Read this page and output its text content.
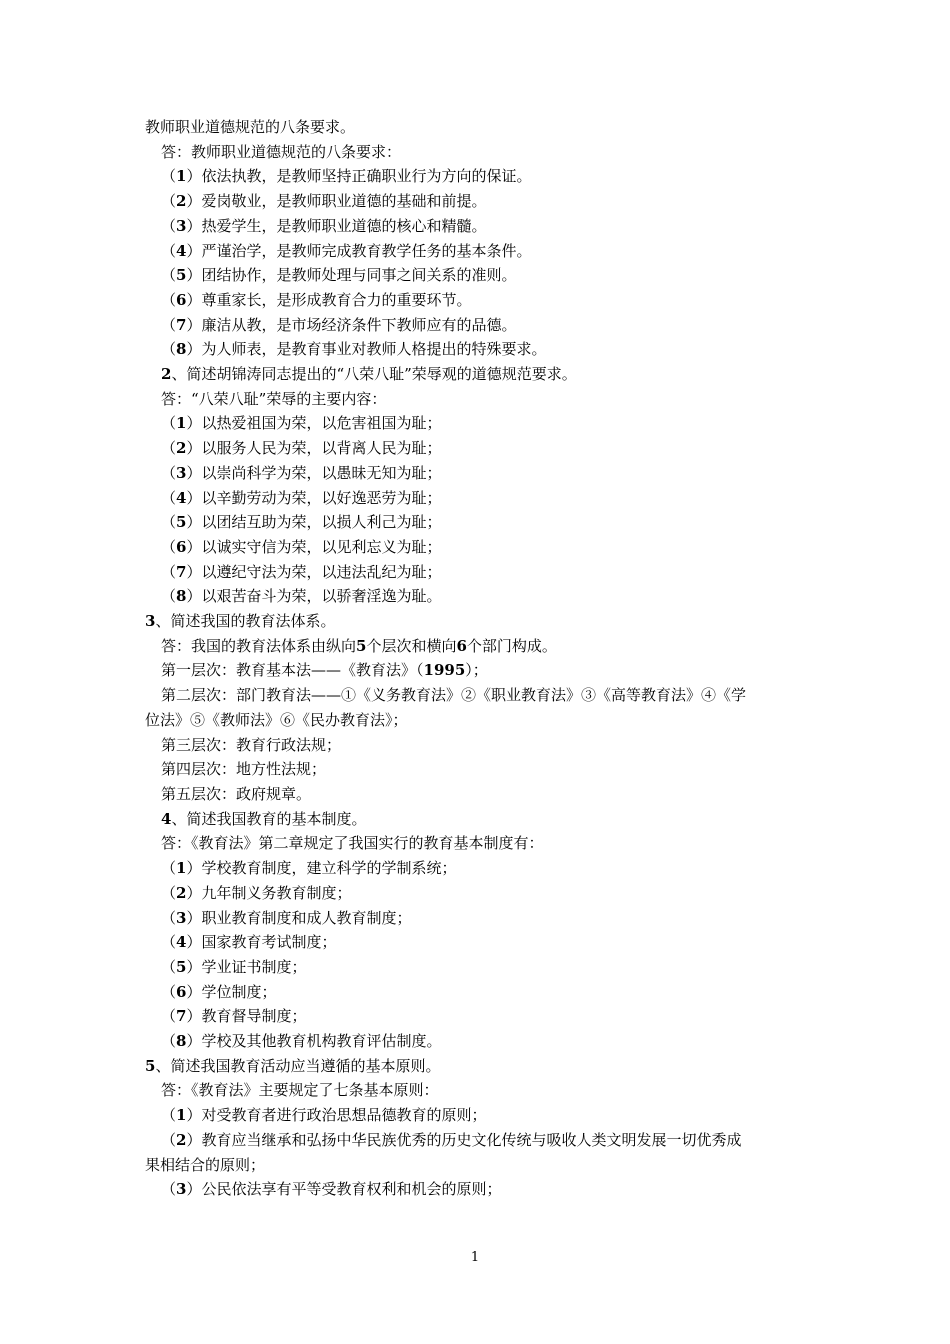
教师职业道德规范的八条要求。
答：教师职业道德规范的八条要求：
（1）依法执教，是教师坚持正确职业行为方向的保证。
（2）爱岗敬业，是教师职业道德的基础和前提。
（3）热爱学生，是教师职业道德的核心和精髓。
（4）严谨治学，是教师完成教育教学任务的基本条件。
（5）团结协作，是教师处理与同事之间关系的准则。
（6）尊重家长，是形成教育合力的重要环节。
（7）廉洁从教，是市场经济条件下教师应有的品德。
（8）为人师表，是教育事业对教师人格提出的特殊要求。
2、简述胡锦涛同志提出的“八荣八耻”荣辱观的道德规范要求。
答：“八荣八耻”荣辱的主要内容：
（1）以热爱祖国为荣，以危害祖国为耻；
（2）以服务人民为荣，以背离人民为耻；
（3）以崇尚科学为荣，以愚昧无知为耻；
（4）以辛勤劳动为荣，以好逸恶劳为耻；
（5）以团结互助为荣，以损人利己为耻；
（6）以诚实守信为荣，以见利忘义为耻；
（7）以遵纪守法为荣，以违法乱纪为耻；
（8）以艰苦奋斗为荣，以骄奢淫逸为耻。
3、简述我国的教育法体系。
答：我国的教育法体系由纵向5个层次和横向6个部门构成。
第一层次：教育基本法——《教育法》（1995）；
第二层次：部门教育法——①《义务教育法》②《职业教育法》③《高等教育法》④《学
位法》⑤《教师法》⑥《民办教育法》；
第三层次：教育行政法规；
第四层次：地方性法规；
第五层次：政府规章。
4、简述我国教育的基本制度。
答：《教育法》第二章规定了我国实行的教育基本制度有：
（1）学校教育制度，建立科学的学制系统；
（2）九年制义务教育制度；
（3）职业教育制度和成人教育制度；
（4）国家教育考试制度；
（5）学业证书制度；
（6）学位制度；
（7）教育督导制度；
（8）学校及其他教育机构教育评估制度。
5、简述我国教育活动应当遵循的基本原则。
答：《教育法》主要规定了七条基本原则：
（1）对受教育者进行政治思想品德教育的原则；
（2）教育应当继承和弘扬中华民族优秀的历史文化传统与吸收人类文明发展一切优秀成
果相结合的原则；
（3）公民依法享有平等受教育权利和机会的原则；
1
